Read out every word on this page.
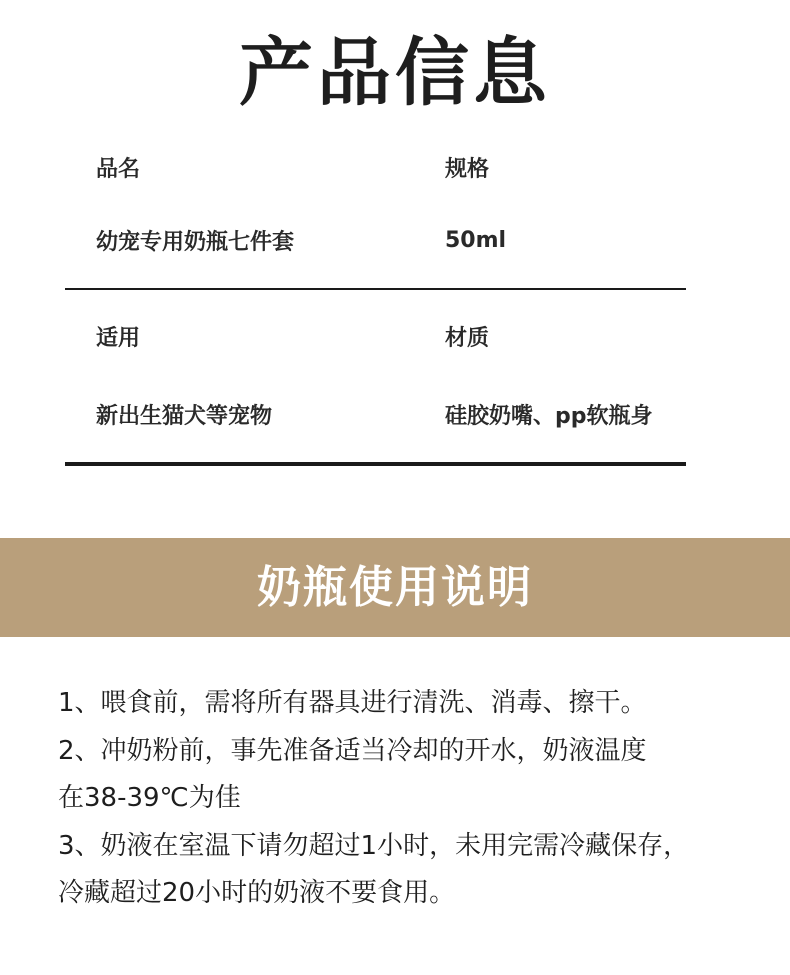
产品信息
品名	规格
幼宠专用奶瓶七件套	50ml
适用	材质
新出生猫犬等宠物	硅胶奶嘴、pp软瓶身
奶瓶使用说明
1、喂食前，需将所有器具进行清洗、消毒、擦干。
2、冲奶粉前，事先准备适当冷却的开水，奶液温度
在38-39℃为佳
3、奶液在室温下请勿超过1小时，未用完需冷藏保存，
冷藏超过20小时的奶液不要食用。
